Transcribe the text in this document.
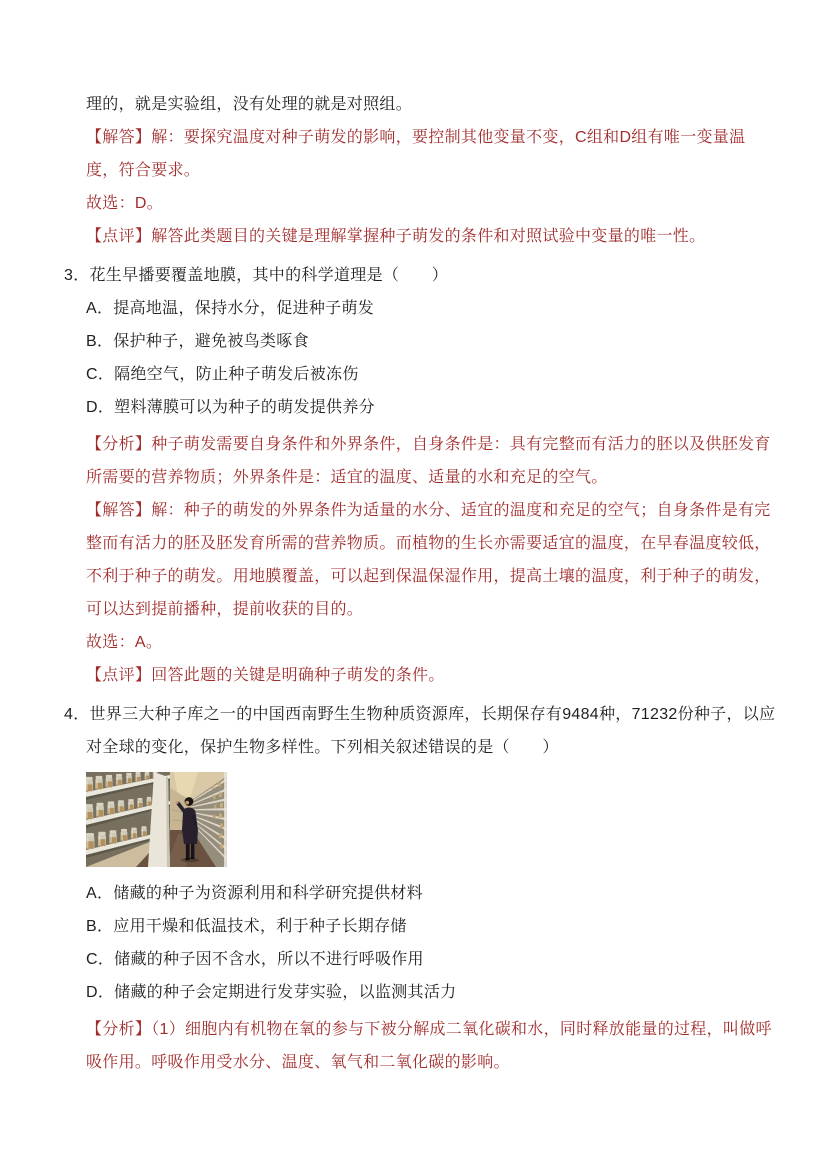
理的，就是实验组，没有处理的就是对照组。

【解答】解：要探究温度对种子萌发的影响，要控制其他变量不变，C组和D组有唯一变量温度，符合要求。

故选：D。

【点评】解答此类题目的关键是理解掌握种子萌发的条件和对照试验中变量的唯一性。

3．花生早播要覆盖地膜，其中的科学道理是（　　）

A．提高地温，保持水分，促进种子萌发

B．保护种子，避免被鸟类啄食

C．隔绝空气，防止种子萌发后被冻伤

D．塑料薄膜可以为种子的萌发提供养分

【分析】种子萌发需要自身条件和外界条件，自身条件是：具有完整而有活力的胚以及供胚发育所需要的营养物质；外界条件是：适宜的温度、适量的水和充足的空气。

【解答】解：种子的萌发的外界条件为适量的水分、适宜的温度和充足的空气；自身条件是有完整而有活力的胚及胚发育所需的营养物质。而植物的生长亦需要适宜的温度，在早春温度较低，不利于种子的萌发。用地膜覆盖，可以起到保温保湿作用，提高土壤的温度，利于种子的萌发，可以达到提前播种，提前收获的目的。

故选：A。

【点评】回答此题的关键是明确种子萌发的条件。

4．世界三大种子库之一的中国西南野生生物种质资源库，长期保存有9484种，71232份种子，以应对全球的变化，保护生物多样性。下列相关叙述错误的是（　　）

A．储藏的种子为资源利用和科学研究提供材料

B．应用干燥和低温技术，利于种子长期存储

C．储藏的种子因不含水，所以不进行呼吸作用

D．储藏的种子会定期进行发芽实验，以监测其活力

【分析】（1）细胞内有机物在氧的参与下被分解成二氧化碳和水，同时释放能量的过程，叫做呼吸作用。呼吸作用受水分、温度、氧气和二氧化碳的影响。
